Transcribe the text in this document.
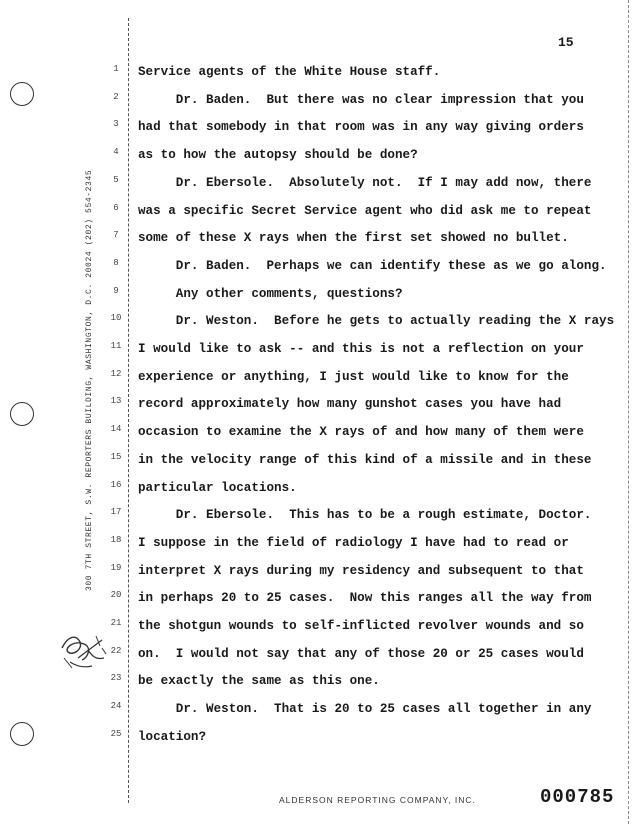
300 7TH STREET, S.W. REPORTERS BUILDING, WASHINGTON, D.C. 20024 (202) 554-2345
15
1	Service agents of the White House staff.
2	Dr. Baden.  But there was no clear impression that you
3	had that somebody in that room was in any way giving orders
4	as to how the autopsy should be done?
5	Dr. Ebersole.  Absolutely not.  If I may add now, there
6	was a specific Secret Service agent who did ask me to repeat
7	some of these X rays when the first set showed no bullet.
8	Dr. Baden.  Perhaps we can identify these as we go along.
9	Any other comments, questions?
10 Dr. Weston.  Before he gets to actually reading the X rays
11 I would like to ask -- and this is not a reflection on your
12 experience or anything, I just would like to know for the
13 record approximately how many gunshot cases you have had
14 occasion to examine the X rays of and how many of them were
15 in the velocity range of this kind of a missile and in these
16 particular locations.
17 Dr. Ebersole.  This has to be a rough estimate, Doctor.
18 I suppose in the field of radiology I have had to read or
19 interpret X rays during my residency and subsequent to that
20 in perhaps 20 to 25 cases.  Now this ranges all the way from
21 the shotgun wounds to self-inflicted revolver wounds and so
22 on.  I would not say that any of those 20 or 25 cases would
23 be exactly the same as this one.
24 Dr. Weston.  That is 20 to 25 cases all together in any
25 location?
ALDERSON REPORTING COMPANY, INC.	000785
